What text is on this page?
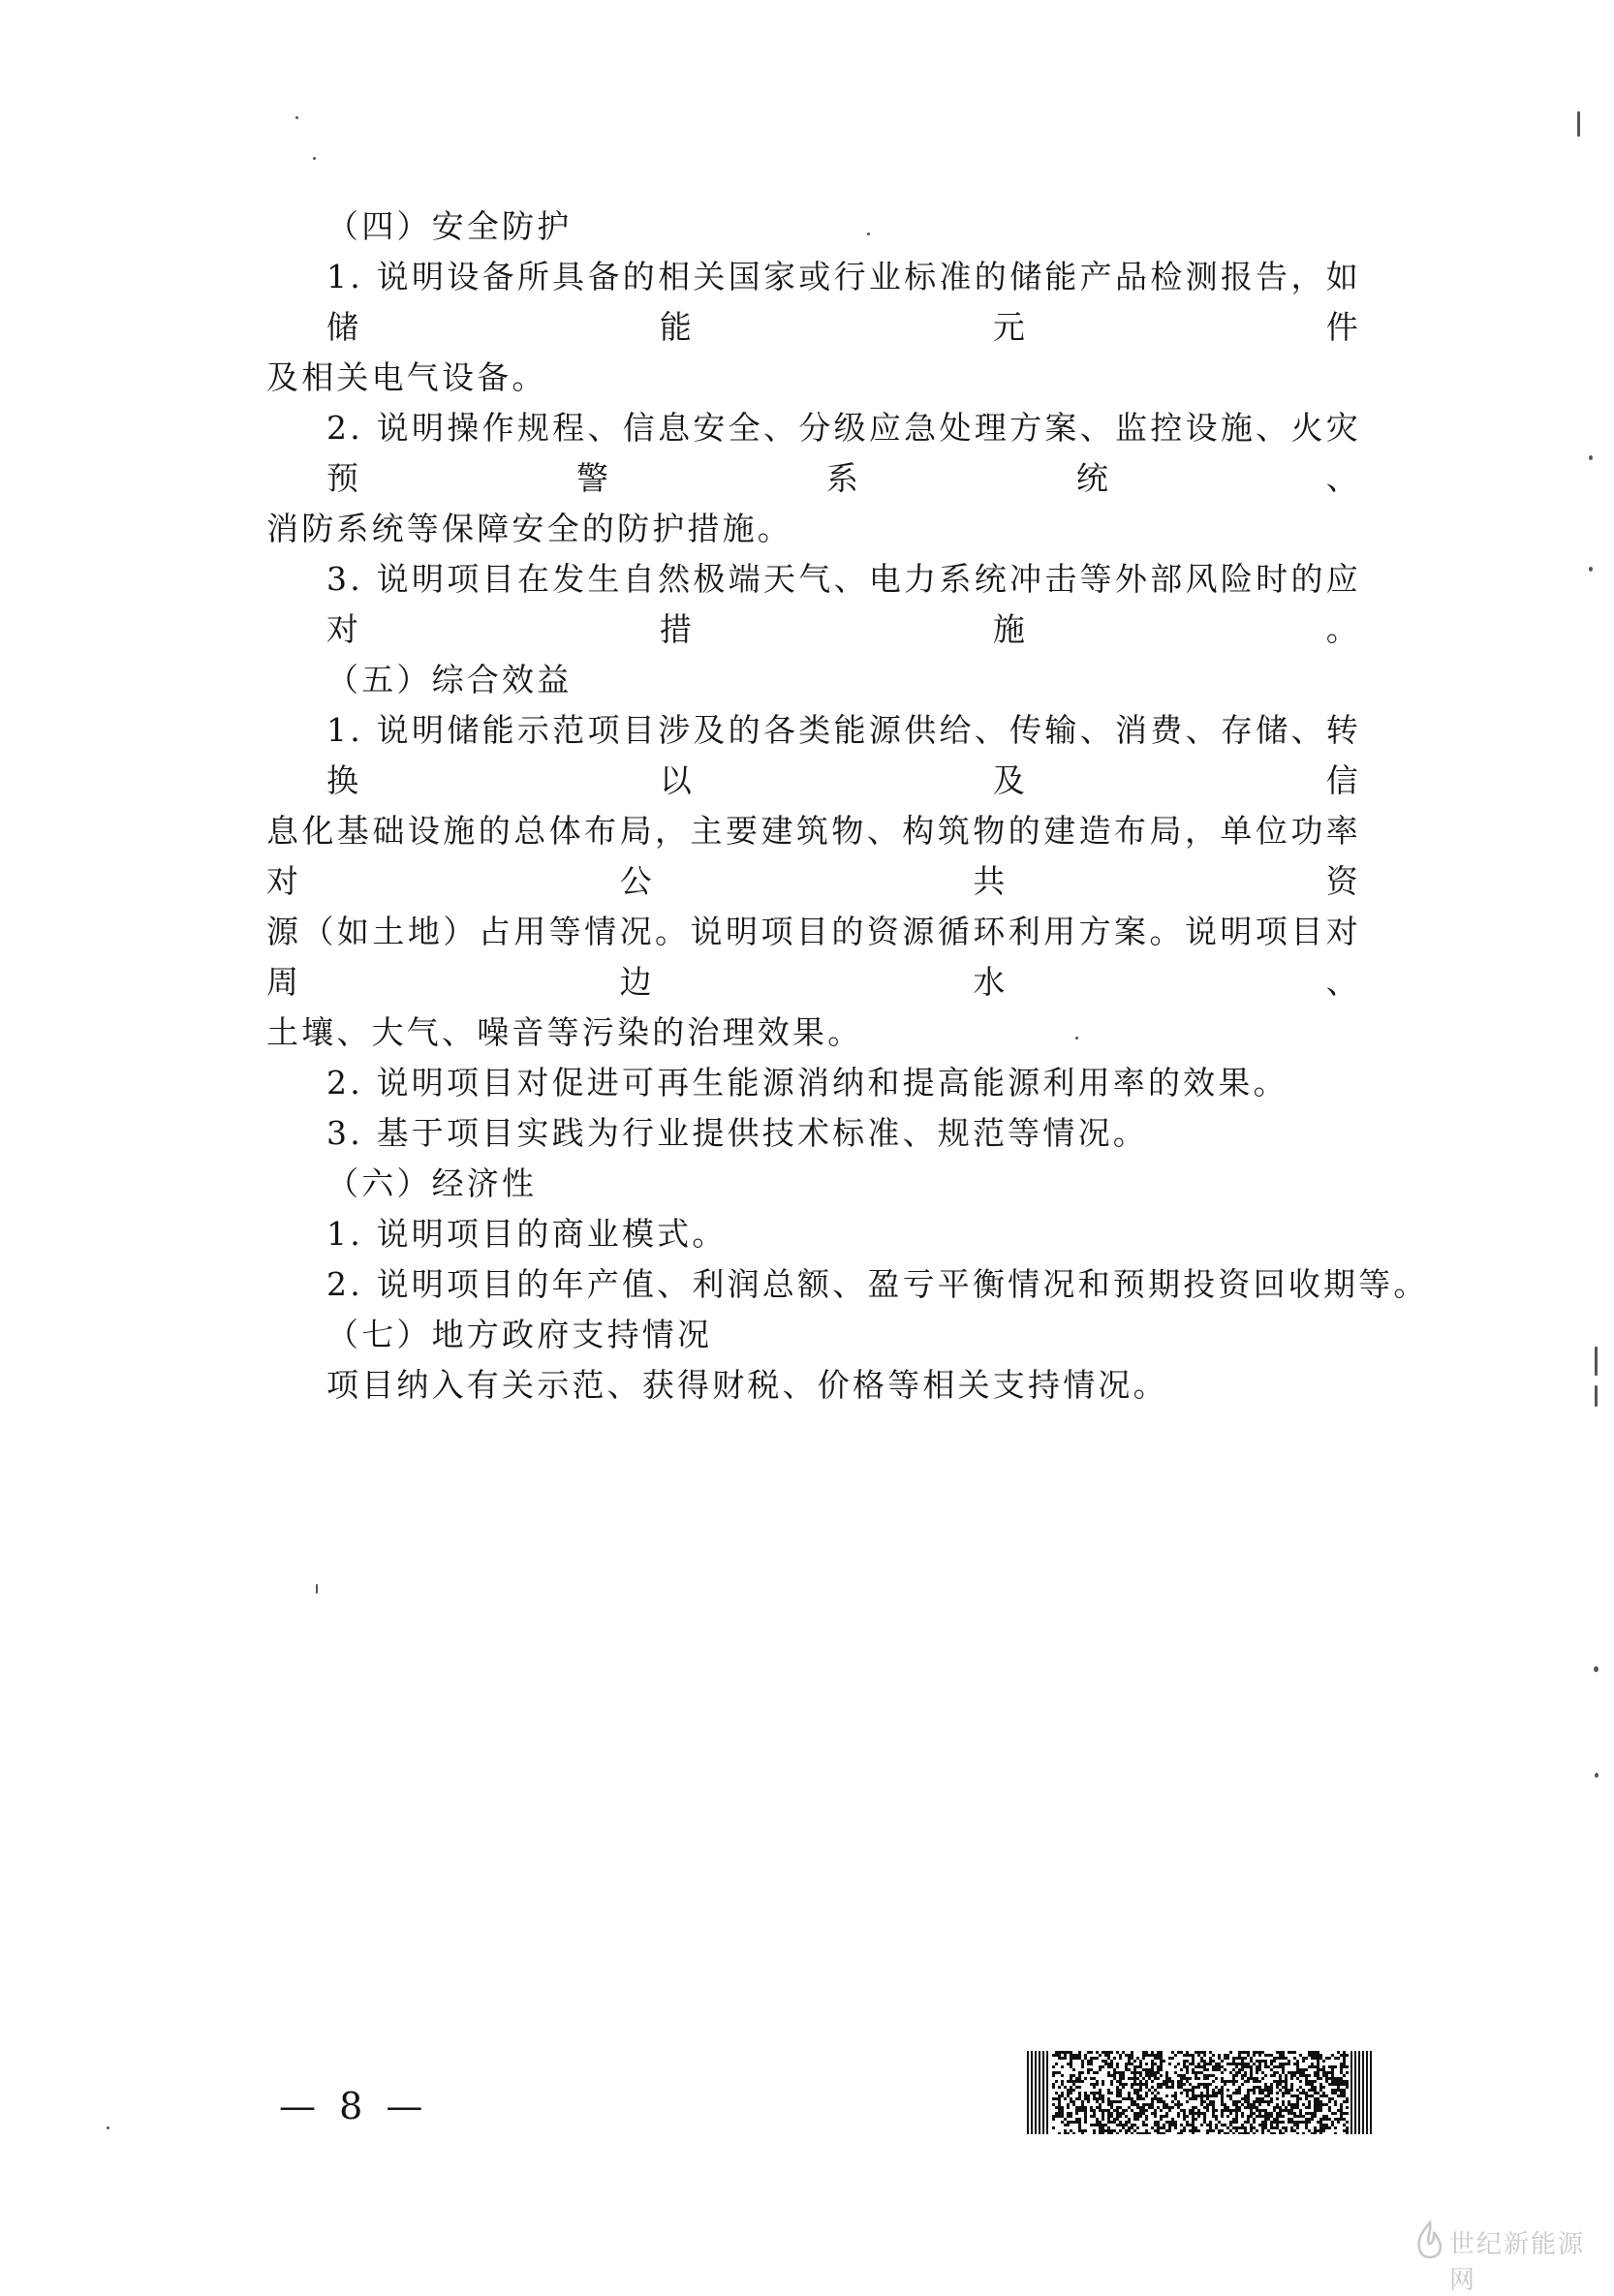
（四）安全防护
1. 说明设备所具备的相关国家或行业标准的储能产品检测报告，如储能元件
及相关电气设备。
2. 说明操作规程、信息安全、分级应急处理方案、监控设施、火灾预警系统、
消防系统等保障安全的防护措施。
3. 说明项目在发生自然极端天气、电力系统冲击等外部风险时的应对措施。
（五）综合效益
1. 说明储能示范项目涉及的各类能源供给、传输、消费、存储、转换以及信
息化基础设施的总体布局，主要建筑物、构筑物的建造布局，单位功率对公共资
源（如土地）占用等情况。说明项目的资源循环利用方案。说明项目对周边水、
土壤、大气、噪音等污染的治理效果。
2. 说明项目对促进可再生能源消纳和提高能源利用率的效果。
3. 基于项目实践为行业提供技术标准、规范等情况。
（六）经济性
1. 说明项目的商业模式。
2. 说明项目的年产值、利润总额、盈亏平衡情况和预期投资回收期等。
（七）地方政府支持情况
项目纳入有关示范、获得财税、价格等相关支持情况。
— 8 —
世纪新能源网
